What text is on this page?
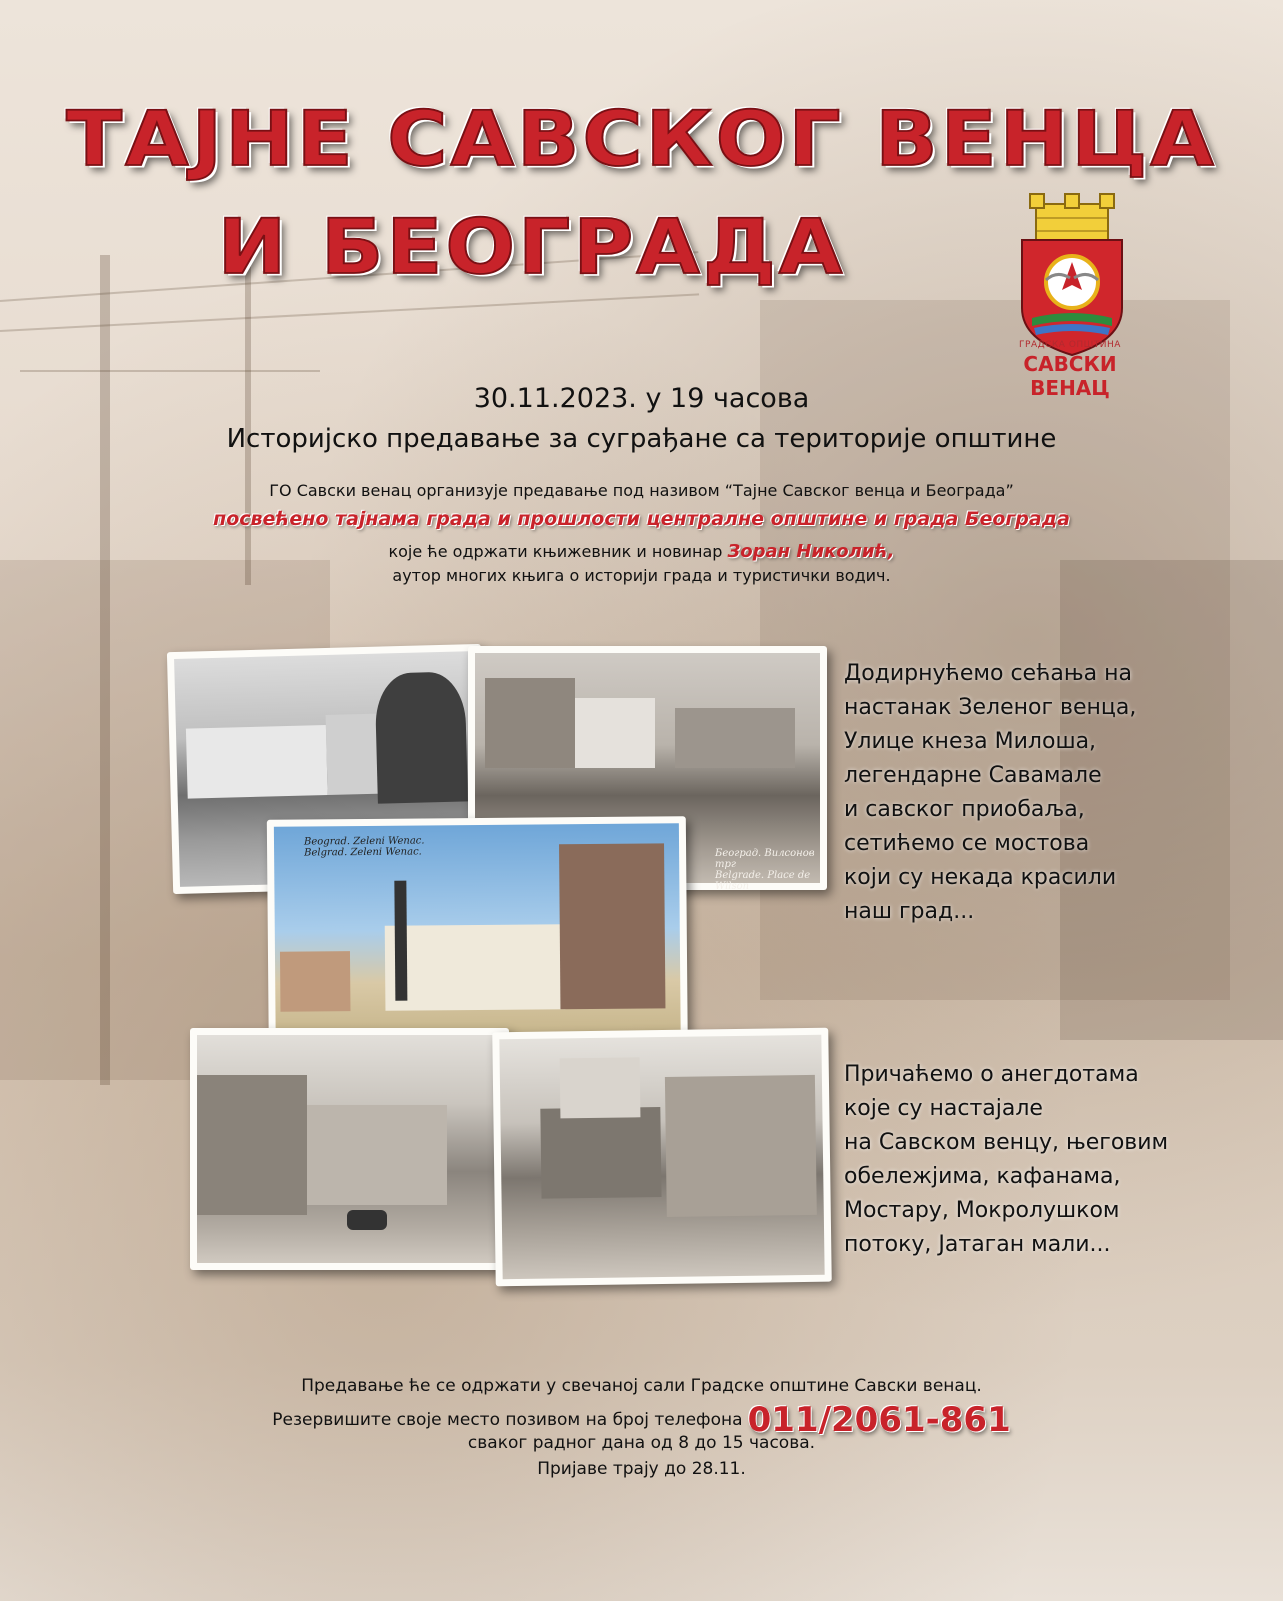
ТАЈНЕ САВСКОГ ВЕНЦА
И БЕОГРАДА
ГРАДСКА ОПШТИНА
САВСКИ ВЕНАЦ
30.11.2023. у 19 часова
Историјско предавање за суграђане са територије општине
ГО Савски венац организује предавање под називом “Тајне Савског венца и Београда”
посвећено тајнама града и прошлости централне општине и града Београда
које ће одржати књижевник и новинар Зоран Николић,
аутор многих књига о историји града и туристички водич.
Београд. Вилсонов трг
Belgrade. Place de Wilson
Beograd. Zeleni Wenac.
Belgrad. Zeleni Wenac.
Додирнућемо сећања на
настанак Зеленог венца,
Улице кнеза Милоша,
легендарне Савамале
и савског приобаља,
сетићемо се мостова
који су некада красили
наш град...
Причаћемо о анегдотама
које су настајале
на Савском венцу, његовим
обележјима, кафанама,
Мостару, Мокролушком
потоку, Јатаган мали...
Предавање ће се одржати у свечаној сали Градске општине Савски венац.
Резервишите своје место позивом на број телефона 011/2061-861
сваког радног дана од 8 до 15 часова.
Пријаве трају до 28.11.
